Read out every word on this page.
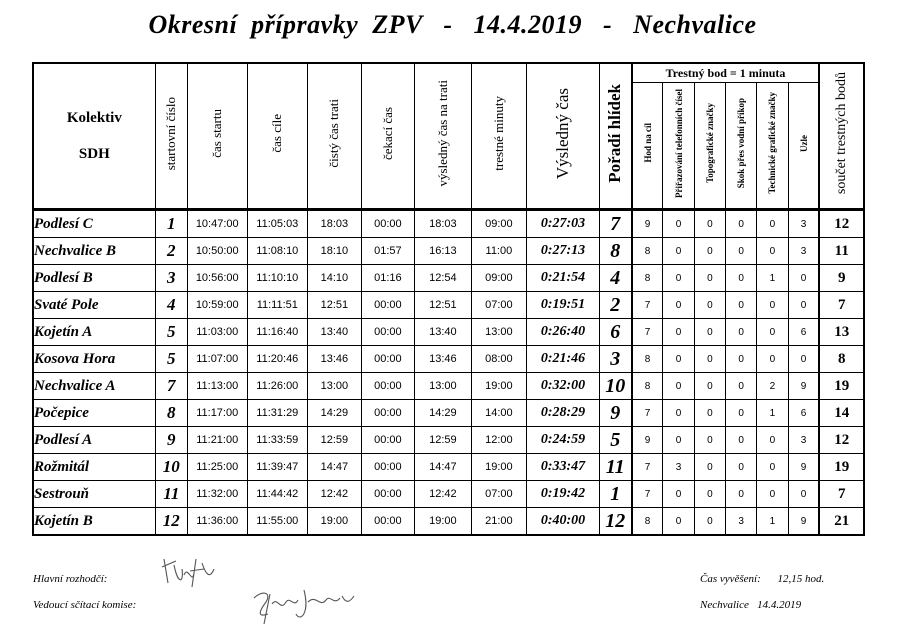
Okresní  přípravky  ZPV   -   14.4.2019   -   Nechvalice
Kolektiv
SDH	startovní číslo	čas startu	čas cíle	čistý čas trati	čekací čas	výsledný čas na trati	trestné minuty	Výsledný čas	Pořadí hlídek	Trestný bod = 1 minuta						součet trestných bodů
										Hod na cíl	Přiřazování telefonních čísel	Topografické značky	Skok přes vodní příkop	Technické grafické značky	Uzle	
Podlesí C	1	10:47:00	11:05:03	18:03	00:00	18:03	09:00	0:27:03	7	9	0	0	0	0	3	12
Nechvalice B	2	10:50:00	11:08:10	18:10	01:57	16:13	11:00	0:27:13	8	8	0	0	0	0	3	11
Podlesí B	3	10:56:00	11:10:10	14:10	01:16	12:54	09:00	0:21:54	4	8	0	0	0	1	0	9
Svaté Pole	4	10:59:00	11:11:51	12:51	00:00	12:51	07:00	0:19:51	2	7	0	0	0	0	0	7
Kojetín A	5	11:03:00	11:16:40	13:40	00:00	13:40	13:00	0:26:40	6	7	0	0	0	0	6	13
Kosova Hora	5	11:07:00	11:20:46	13:46	00:00	13:46	08:00	0:21:46	3	8	0	0	0	0	0	8
Nechvalice A	7	11:13:00	11:26:00	13:00	00:00	13:00	19:00	0:32:00	10	8	0	0	0	2	9	19
Počepice	8	11:17:00	11:31:29	14:29	00:00	14:29	14:00	0:28:29	9	7	0	0	0	1	6	14
Podlesí A	9	11:21:00	11:33:59	12:59	00:00	12:59	12:00	0:24:59	5	9	0	0	0	0	3	12
Rožmitál	10	11:25:00	11:39:47	14:47	00:00	14:47	19:00	0:33:47	11	7	3	0	0	0	9	19
Sestrouň	11	11:32:00	11:44:42	12:42	00:00	12:42	07:00	0:19:42	1	7	0	0	0	0	0	7
Kojetín B	12	11:36:00	11:55:00	19:00	00:00	19:00	21:00	0:40:00	12	8	0	0	3	1	9	21
Hlavní rozhodčí:
Vedoucí sčítací komise:
Čas vyvěšení: 12,15 hod.
Nechvalice   14.4.2019
